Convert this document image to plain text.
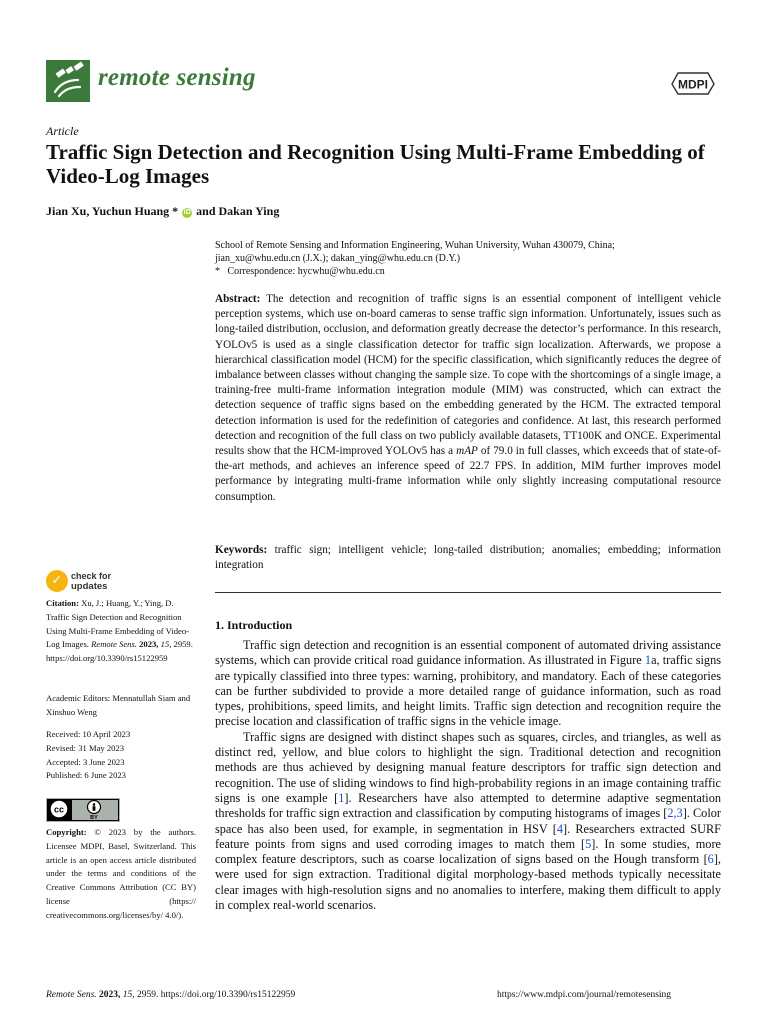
remote sensing	MDPI
Article
Traffic Sign Detection and Recognition Using Multi-Frame Embedding of Video-Log Images
Jian Xu, Yuchun Huang * iD and Dakan Ying
School of Remote Sensing and Information Engineering, Wuhan University, Wuhan 430079, China;
jian_xu@whu.edu.cn (J.X.); dakan_ying@whu.edu.cn (D.Y.)
*   Correspondence: hycwhu@whu.edu.cn
Abstract: The detection and recognition of traffic signs is an essential component of intelligent vehicle perception systems, which use on-board cameras to sense traffic sign information. Unfortunately, issues such as long-tailed distribution, occlusion, and deformation greatly decrease the detector’s performance. In this research, YOLOv5 is used as a single classification detector for traffic sign localization. Afterwards, we propose a hierarchical classification model (HCM) for the specific classification, which significantly reduces the degree of imbalance between classes without changing the sample size. To cope with the shortcomings of a single image, a training-free multi-frame information integration module (MIM) was constructed, which can extract the detection sequence of traffic signs based on the embedding generated by the HCM. The extracted temporal detection information is used for the redefinition of categories and confidence. At last, this research performed detection and recognition of the full class on two publicly available datasets, TT100K and ONCE. Experimental results show that the HCM-improved YOLOv5 has a mAP of 79.0 in full classes, which exceeds that of state-of-the-art methods, and achieves an inference speed of 22.7 FPS. In addition, MIM further improves model performance by integrating multi-frame information while only slightly increasing computational resource consumption.
Keywords: traffic sign; intelligent vehicle; long-tailed distribution; anomalies; embedding; information integration
1. Introduction

Traffic sign detection and recognition is an essential component of automated driving assistance systems, which can provide critical road guidance information. As illustrated in Figure 1a, traffic signs are typically classified into three types: warning, prohibitory, and mandatory. Each of these categories can be further subdivided to provide a more detailed range of guidance information, such as road types, prohibitions, speed limits, and height limits. Traffic sign detection and recognition require the precise location and classification of traffic signs in the vehicle image.

Traffic signs are designed with distinct shapes such as squares, circles, and triangles, as well as distinct red, yellow, and blue colors to highlight the sign. Traditional detection and recognition methods are thus achieved by designing manual feature descriptors for traffic sign detection and recognition. The use of sliding windows to find high-probability regions in an image containing traffic signs is one example [1]. Researchers have also attempted to determine adaptive segmentation thresholds for traffic sign extraction and classification by computing histograms of images [2,3]. Color space has also been used, for example, in segmentation in HSV [4]. Researchers extracted SURF feature points from signs and used corroding images to match them [5]. In some studies, more complex feature descriptors, such as coarse localization of signs based on the Hough transform [6], were used for sign extraction. Traditional digital morphology-based methods typically necessitate clear images with high-resolution signs and no anomalies to interfere, making them difficult to apply in complex real-world scenarios.

✓ check for
updates
Citation: Xu, J.; Huang, Y.; Ying, D. Traffic Sign Detection and Recognition Using Multi-Frame Embedding of Video-Log Images. Remote Sens. 2023, 15, 2959. https://doi.org/10.3390/rs15122959
Academic Editors: Mennatullah Siam and Xinshuo Weng
Received: 10 April 2023
Revised: 31 May 2023
Accepted: 3 June 2023
Published: 6 June 2023
cc
BY
Copyright: © 2023 by the authors. Licensee MDPI, Basel, Switzerland. This article is an open access article distributed under the terms and conditions of the Creative Commons Attribution (CC BY) license (https:// creativecommons.org/licenses/by/ 4.0/).
Remote Sens. 2023, 15, 2959. https://doi.org/10.3390/rs15122959	https://www.mdpi.com/journal/remotesensing
